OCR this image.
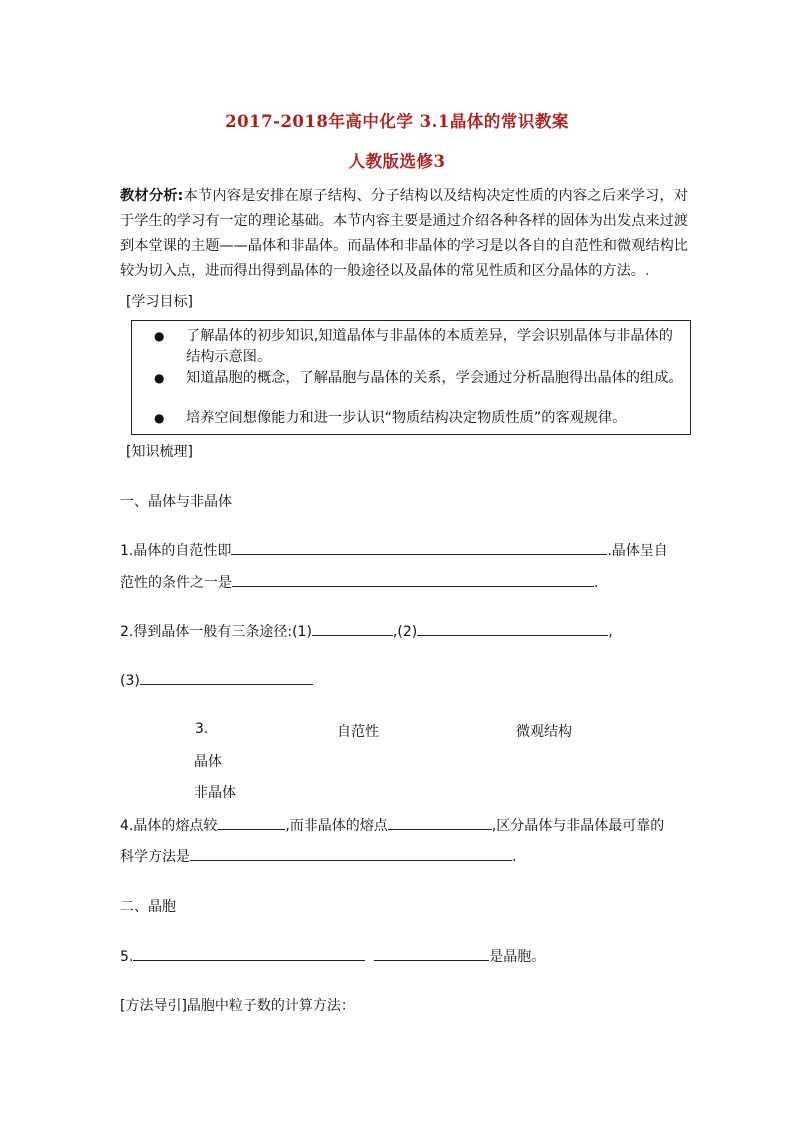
2017-2018年高中化学 3.1晶体的常识教案
人教版选修3
教材分析:本节内容是安排在原子结构、分子结构以及结构决定性质的内容之后来学习，对于学生的学习有一定的理论基础。本节内容主要是通过介绍各种各样的固体为出发点来过渡到本堂课的主题——晶体和非晶体。而晶体和非晶体的学习是以各自的自范性和微观结构比较为切入点，进而得出得到晶体的一般途径以及晶体的常见性质和区分晶体的方法。.
[学习目标]
● 了解晶体的初步知识,知道晶体与非晶体的本质差异，学会识别晶体与非晶体的结构示意图。
● 知道晶胞的概念，了解晶胞与晶体的关系，学会通过分析晶胞得出晶体的组成。
● 培养空间想像能力和进一步认识“物质结构决定物质性质”的客观规律。
[知识梳理]
一、晶体与非晶体
1.晶体的自范性即	.晶体呈自
范性的条件之一是	.
2.得到晶体一般有三条途径:(1)	,(2)	,
(3)
3.	自范性	微观结构
晶体
非晶体
4.晶体的熔点较	,而非晶体的熔点	,区分晶体与非晶体最可靠的
科学方法是	.
二、晶胞
5.	是晶胞。
[方法导引]晶胞中粒子数的计算方法：
